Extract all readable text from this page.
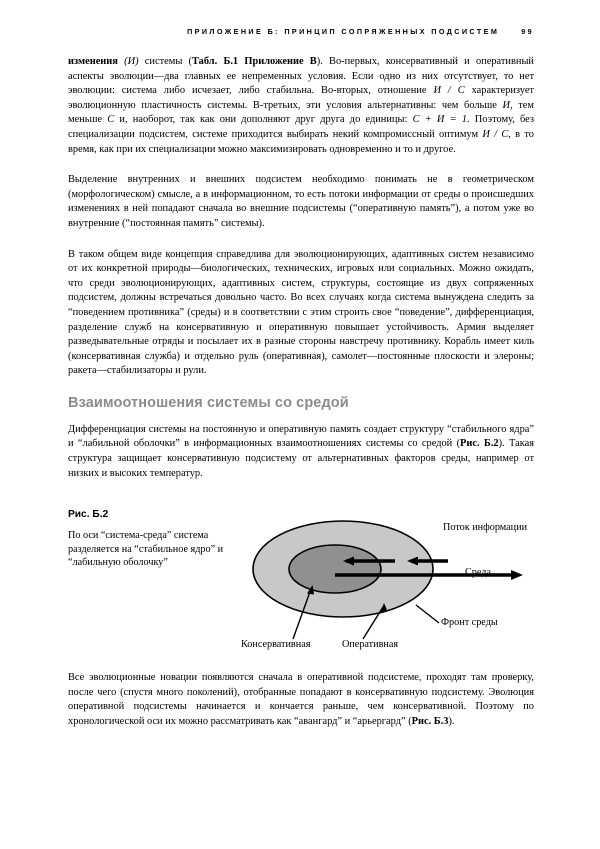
ПРИЛОЖЕНИЕ Б: ПРИНЦИП СОПРЯЖЕННЫХ ПОДСИСТЕМ	99

изменения (И) системы (Табл. Б.1 Приложение В). Во-первых, консервативный и оперативный аспекты эволюции—два главных ее непременных условия. Если одно из них отсутствует, то нет эволюции: система либо исчезает, либо стабильна. Во-вторых, отношение И / С характеризует эволюционную пластичность системы. В-третьих, эти условия альтернативны: чем больше И, тем меньше С и, наоборот, так как они дополняют друг друга до единицы: С + И = 1. Поэтому, без специализации подсистем, системе приходится выбирать некий компромиссный оптимум И / С, в то время, как при их специализации можно максимизировать одновременно и то и другое.

Выделение внутренних и внешних подсистем необходимо понимать не в геометрическом (морфологическом) смысле, а в информационном, то есть потоки информации от среды о происшедших изменениях в ней попадают сначала во внешние подсистемы (“оперативную память”), а потом уже во внутренние (“постоянная память” системы).

В таком общем виде концепция справедлива для эволюционирующих, адаптивных систем независимо от их конкретной природы—биологических, технических, игровых или социальных. Можно ожидать, что среди эволюционирующих, адаптивных систем, структуры, состоящие из двух сопряженных подсистем, должны встречаться довольно часто. Во всех случаях когда система вынуждена следить за “поведением противника” (среды) и в соответствии с этим строить свое “поведение”, дифференциация, разделение служб на консервативную и оперативную повышает устойчивость. Армия выделяет разведывательные отряды и посылает их в разные стороны навстречу противнику. Корабль имеет киль (консервативная служба) и отдельно руль (оперативная), самолет—постоянные плоскости и элероны; ракета—стабилизаторы и рули.

Взаимоотношения системы со средой

Дифференциация системы на постоянную и оперативную память создает структуру “стабильного ядра” и “лабильной оболочки” в информационных взаимоотношениях системы со средой (Рис. Б.2). Такая структура защищает консервативную подсистему от альтернативных факторов среды, например от низких и высоких температур.

Рис. Б.2
По оси “система-среда” система разделяется на “стабильное ядро” и “лабильную оболочку”
Поток информации
Среда
Фронт среды
Консервативная	Оперативная

Все эволюционные новации появляются сначала в оперативной подсистеме, проходят там проверку, после чего (спустя много поколений), отобранные попадают в консервативную подсистему. Эволюция оперативной подсистемы начинается и кончается раньше, чем консервативной. Поэтому по хронологической оси их можно рассматривать как “авангард” и “арьергард” (Рис. Б.3).
